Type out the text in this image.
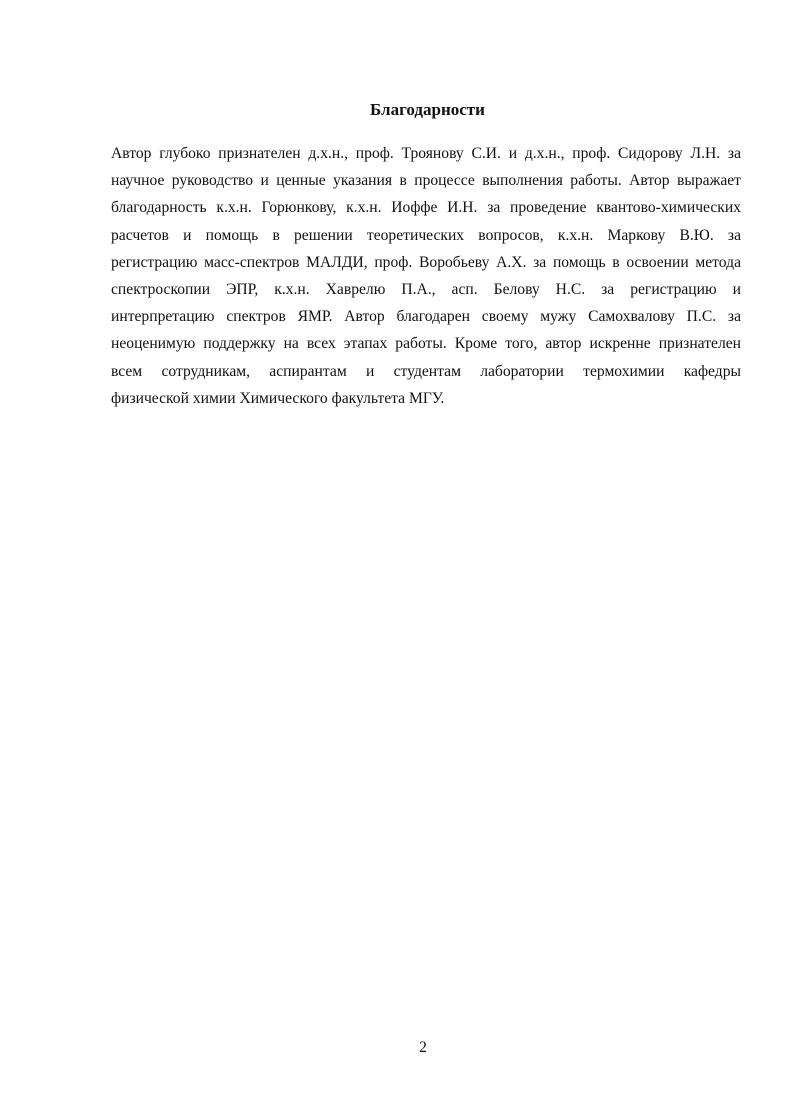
Благодарности
Автор глубоко признателен д.х.н., проф. Троянову С.И. и д.х.н., проф. Сидорову Л.Н. за
научное руководство и ценные указания в процессе выполнения работы. Автор выражает
благодарность к.х.н. Горюнкову, к.х.н. Иоффе И.Н. за проведение квантово-химических
расчетов и помощь в решении теоретических вопросов, к.х.н. Маркову В.Ю. за
регистрацию масс-спектров МАЛДИ, проф. Воробьеву А.Х. за помощь в освоении метода
спектроскопии ЭПР, к.х.н. Хаврелю П.А., асп. Белову Н.С. за регистрацию и
интерпретацию спектров ЯМР. Автор благодарен своему мужу Самохвалову П.С. за
неоценимую поддержку на всех этапах работы. Кроме того, автор искренне признателен
всем сотрудникам, аспирантам и студентам лаборатории термохимии кафедры
физической химии Химического факультета МГУ.
2
